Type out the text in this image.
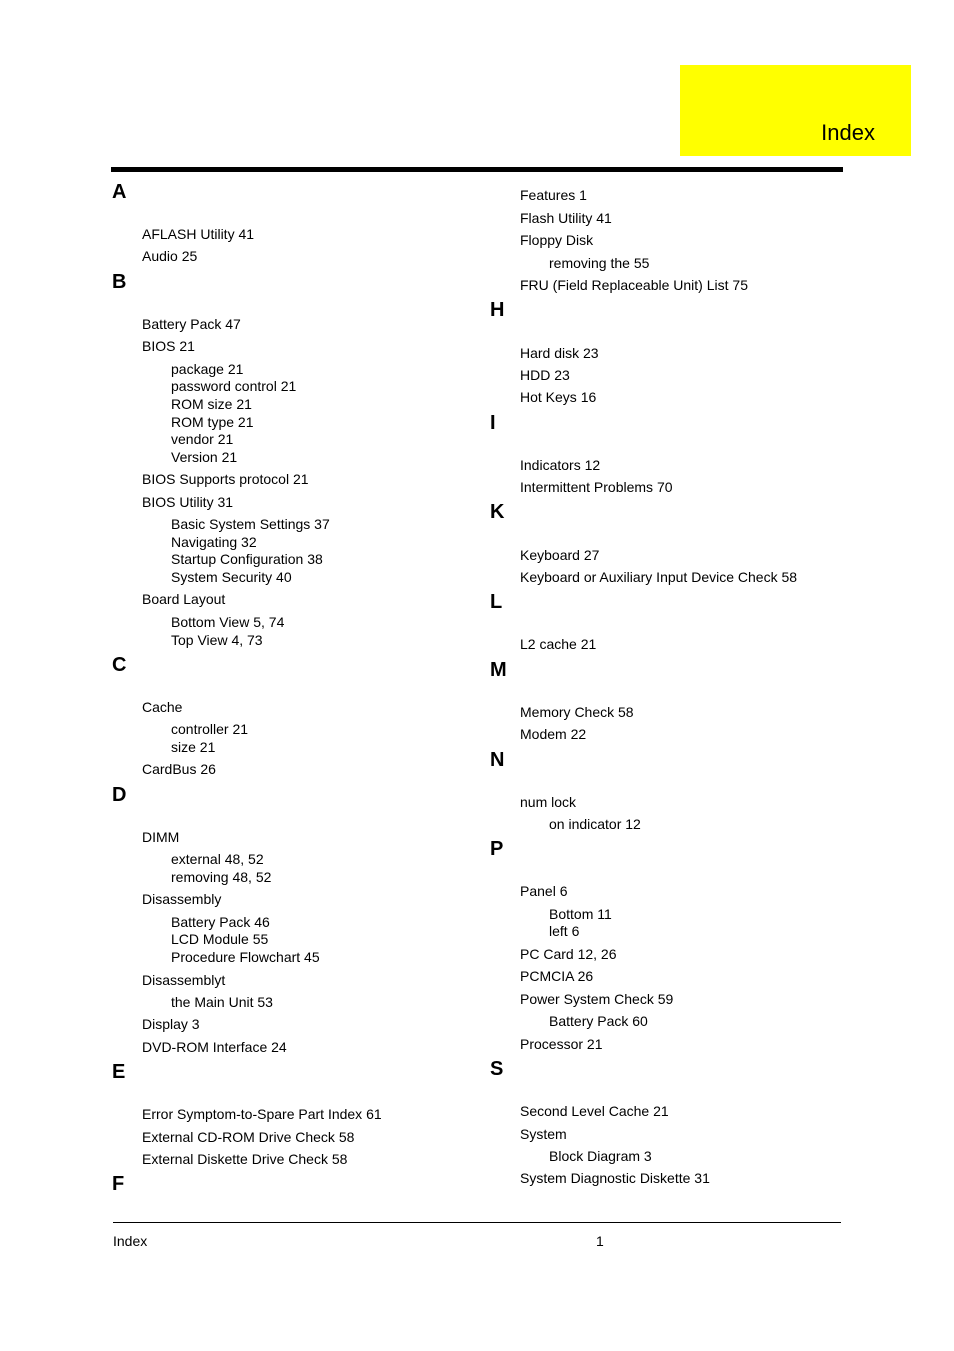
Index
A
AFLASH Utility 41
Audio 25
B
Battery Pack 47
BIOS 21
package 21
password control 21
ROM size 21
ROM type 21
vendor 21
Version 21
BIOS Supports protocol 21
BIOS Utility 31
Basic System Settings 37
Navigating 32
Startup Configuration 38
System Security 40
Board Layout
Bottom View 5, 74
Top View 4, 73
C
Cache
controller 21
size 21
CardBus 26
D
DIMM
external 48, 52
removing 48, 52
Disassembly
Battery Pack 46
LCD Module 55
Procedure Flowchart 45
Disassemblyt
the Main Unit 53
Display 3
DVD-ROM Interface 24
E
Error Symptom-to-Spare Part Index 61
External CD-ROM Drive Check 58
External Diskette Drive Check 58
F
Features 1
Flash Utility 41
Floppy Disk
removing the 55
FRU (Field Replaceable Unit) List 75
H
Hard disk 23
HDD 23
Hot Keys 16
I
Indicators 12
Intermittent Problems 70
K
Keyboard 27
Keyboard or Auxiliary Input Device Check 58
L
L2 cache 21
M
Memory Check 58
Modem 22
N
num lock
on indicator 12
P
Panel 6
Bottom 11
left 6
PC Card 12, 26
PCMCIA 26
Power System Check 59
Battery Pack 60
Processor 21
S
Second Level Cache 21
System
Block Diagram 3
System Diagnostic Diskette 31
Index	1
